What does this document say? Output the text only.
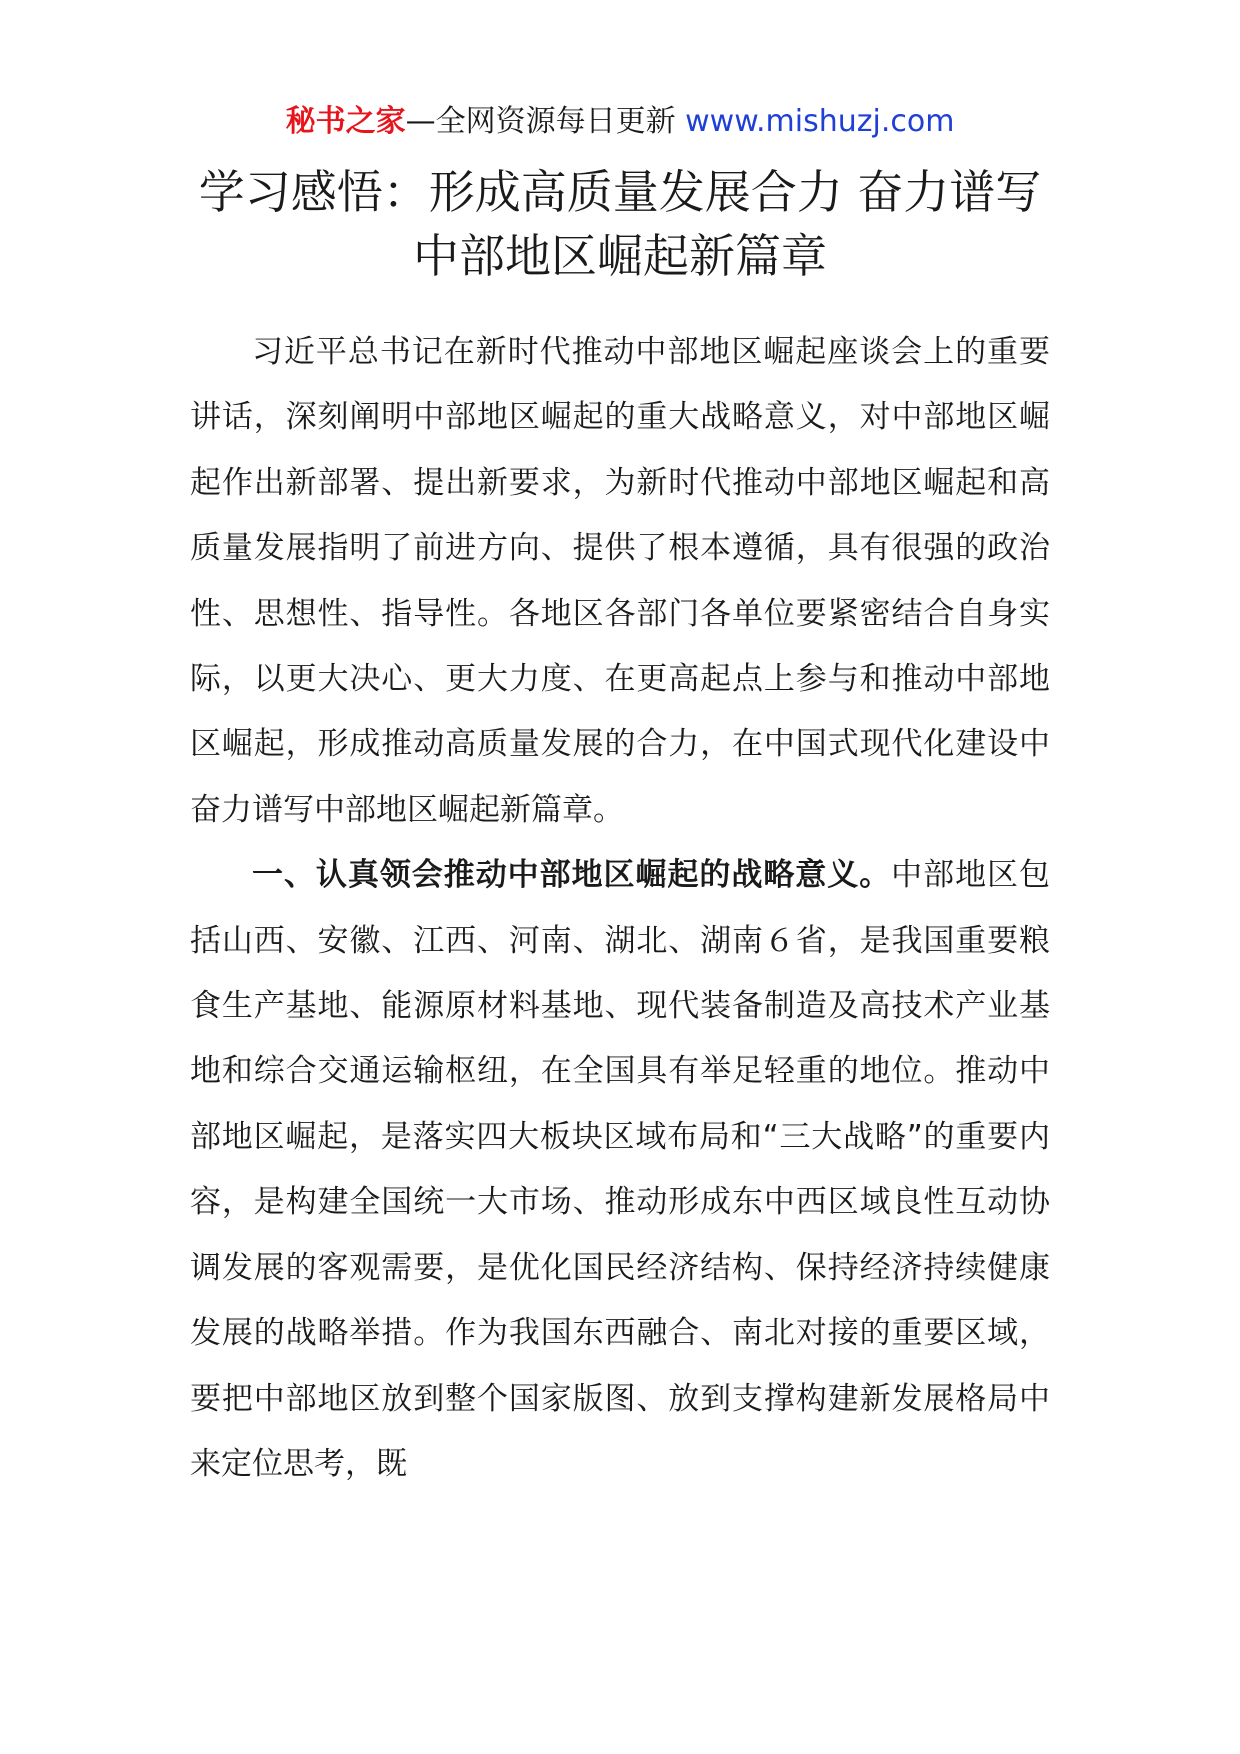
秘书之家—全网资源每日更新 www.mishuzj.com
学习感悟：形成高质量发展合力 奋力谱写
中部地区崛起新篇章

习近平总书记在新时代推动中部地区崛起座谈会上的重要讲话，深刻阐明中部地区崛起的重大战略意义，对中部地区崛起作出新部署、提出新要求，为新时代推动中部地区崛起和高质量发展指明了前进方向、提供了根本遵循，具有很强的政治性、思想性、指导性。各地区各部门各单位要紧密结合自身实际，以更大决心、更大力度、在更高起点上参与和推动中部地区崛起，形成推动高质量发展的合力，在中国式现代化建设中奋力谱写中部地区崛起新篇章。

一、认真领会推动中部地区崛起的战略意义。中部地区包括山西、安徽、江西、河南、湖北、湖南６省，是我国重要粮食生产基地、能源原材料基地、现代装备制造及高技术产业基地和综合交通运输枢纽，在全国具有举足轻重的地位。推动中部地区崛起，是落实四大板块区域布局和“三大战略”的重要内容，是构建全国统一大市场、推动形成东中西区域良性互动协调发展的客观需要，是优化国民经济结构、保持经济持续健康发展的战略举措。作为我国东西融合、南北对接的重要区域，要把中部地区放到整个国家版图、放到支撑构建新发展格局中来定位思考，既
